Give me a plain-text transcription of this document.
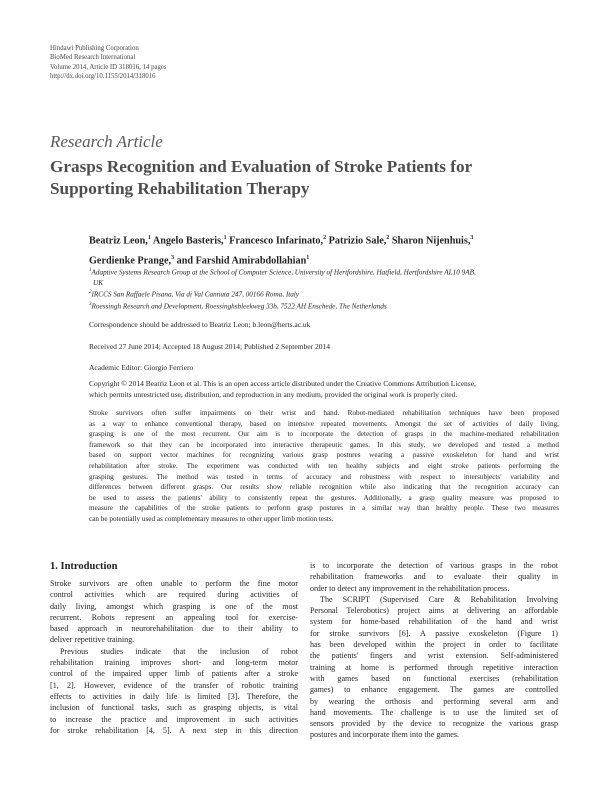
Hindawi Publishing Corporation
BioMed Research International
Volume 2014, Article ID 318016, 14 pages
http://dx.doi.org/10.1155/2014/318016
Research Article
Grasps Recognition and Evaluation of Stroke Patients for
Supporting Rehabilitation Therapy
Beatriz Leon,$^1$ Angelo Basteris,$^1$ Francesco Infarinato,$^2$ Patrizio Sale,$^2$ Sharon Nijenhuis,$^3$
Gerdienke Prange,$^3$ and Farshid Amirabdollahian$^1$
$^1$Adaptive Systems Research Group at the School of Computer Science, University of Hertfordshire, Hatfield, Hertfordshire AL10 9AB,
UK
$^2$IRCCS San Raffaele Pisana, Via di Val Cannuta 247, 00166 Roma, Italy
$^3$Roessingh Research and Development, Roessinghsbleekweg 33b, 7522 AH Enschede, The Netherlands
Correspondence should be addressed to Beatriz Leon; b.leon@herts.ac.uk
Received 27 June 2014; Accepted 18 August 2014; Published 2 September 2014
Academic Editor: Giorgio Ferriero
Copyright © 2014 Beatriz Leon et al. This is an open access article distributed under the Creative Commons Attribution License,
which permits unrestricted use, distribution, and reproduction in any medium, provided the original work is properly cited.
Stroke survivors often suffer impairments on their wrist and hand. Robot-mediated rehabilitation techniques have been proposed
as a way to enhance conventional therapy, based on intensive repeated movements. Amongst the set of activities of daily living,
grasping is one of the most recurrent. Our aim is to incorporate the detection of grasps in the machine-mediated rehabilitation
framework so that they can be incorporated into interactive therapeutic games. In this study, we developed and tested a method
based on support vector machines for recognizing various grasp postures wearing a passive exoskeleton for hand and wrist
rehabilitation after stroke. The experiment was conducted with ten healthy subjects and eight stroke patients performing the
grasping gestures. The method was tested in terms of accuracy and robustness with respect to intersubjects' variability and
differences between different grasps. Our results show reliable recognition while also indicating that the recognition accuracy can
be used to assess the patients' ability to consistently repeat the gestures. Additionally, a grasp quality measure was proposed to
measure the capabilities of the stroke patients to perform grasp postures in a similar way than healthy people. These two measures
can be potentially used as complementary measures to other upper limb motion tests.
1. Introduction
Stroke survivors are often unable to perform the fine motor
control activities which are required during activities of
daily living, amongst which grasping is one of the most
recurrent. Robots represent an appealing tool for exercise-
based approach in neurorehabilitation due to their ability to
deliver repetitive training.
Previous studies indicate that the inclusion of robot
rehabilitation training improves short- and long-term motor
control of the impaired upper limb of patients after a stroke
[1, 2]. However, evidence of the transfer of robotic training
effects to activities in daily life is limited [3]. Therefore, the
inclusion of functional tasks, such as grasping objects, is vital
to increase the practice and improvement in such activities
for stroke rehabilitation [4, 5]. A next step in this direction
is to incorporate the detection of various grasps in the robot
rehabilitation frameworks and to evaluate their quality in
order to detect any improvement in the rehabilitation process.
The SCRIPT (Supervised Care & Rehabilitation Involving
Personal Telerobotics) project aims at delivering an affordable
system for home-based rehabilitation of the hand and wrist
for stroke survivors [6]. A passive exoskeleton (Figure 1)
has been developed within the project in order to facilitate
the patients' fingers and wrist extension. Self-administered
training at home is performed through repetitive interaction
with games based on functional exercises (rehabilitation
games) to enhance engagement. The games are controlled
by wearing the orthosis and performing several arm and
hand movements. The challenge is to use the limited set of
sensors provided by the device to recognize the various grasp
postures and incorporate them into the games.
